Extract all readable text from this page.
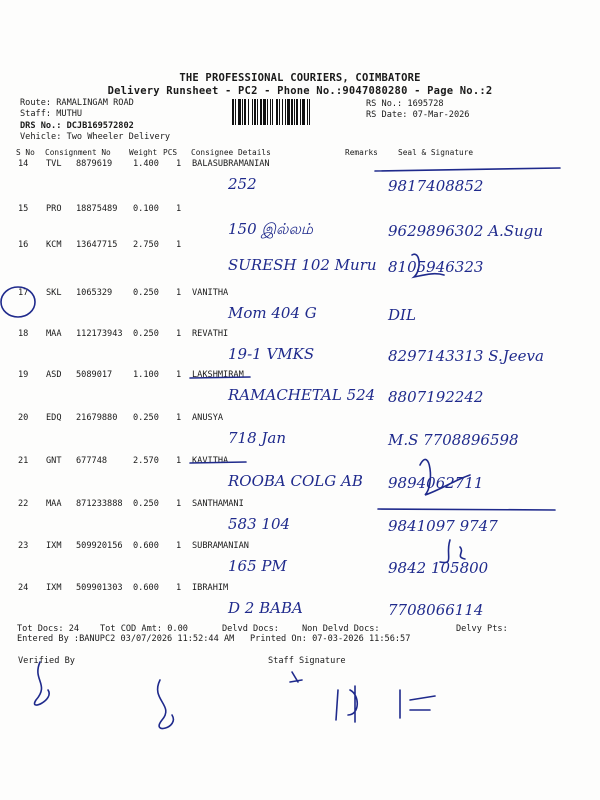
THE PROFESSIONAL COURIERS, COIMBATORE
Delivery Runsheet - PC2 - Phone No.:9047080280 - Page No.:2
Route: RAMALINGAM ROAD
Staff: MUTHU
DRS No.: DCJB169572802
Vehicle: Two Wheeler Delivery
RS No.: 1695728
RS Date: 07-Mar-2026
S No Consignment No Weight PCS Consignee Details	Remarks	Seal & Signature
14 TVL 8879619 1.400 1 BALASUBRAMANIAN
252	9817408852
15 PRO 18875489 0.100 1
150 இல்லம்	9629896302 A.Sugu
16 KCM 13647715 2.750 1
SURESH 102 Muru 8105946323
17 SKL 1065329 0.250 1 VANITHA
Mom 404 G	DIL
18 MAA 112173943 0.250 1 REVATHI
19-1 VMKS	8297143313 S.Jeeva
19 ASD 5089017 1.100 1 LAKSHMIRAM
RAMACHETAL 524 8807192242
20 EDQ 21679880 0.250 1 ANUSYA
718 Jan	M.S 7708896598
21 GNT 677748	2.570 1 KAVITHA
ROOBA COLG AB 9894062711
22 MAA 871233888 0.250 1 SANTHAMANI
583 104	9841097 9747
23 IXM 509920156 0.600 1 SUBRAMANIAN
165 PM	9842 105800
24 IXM 509901303 0.600 1 IBRAHIM
D 2 BABA	7708066114
Tot Docs: 24 Tot COD Amt: 0.00	Delvd Docs:	Non Delvd Docs:	Delvy Pts:
Entered By :BANUPC2 03/07/2026 11:52:44 AM Printed On: 07-03-2026 11:56:57
Verified By	Staff Signature
